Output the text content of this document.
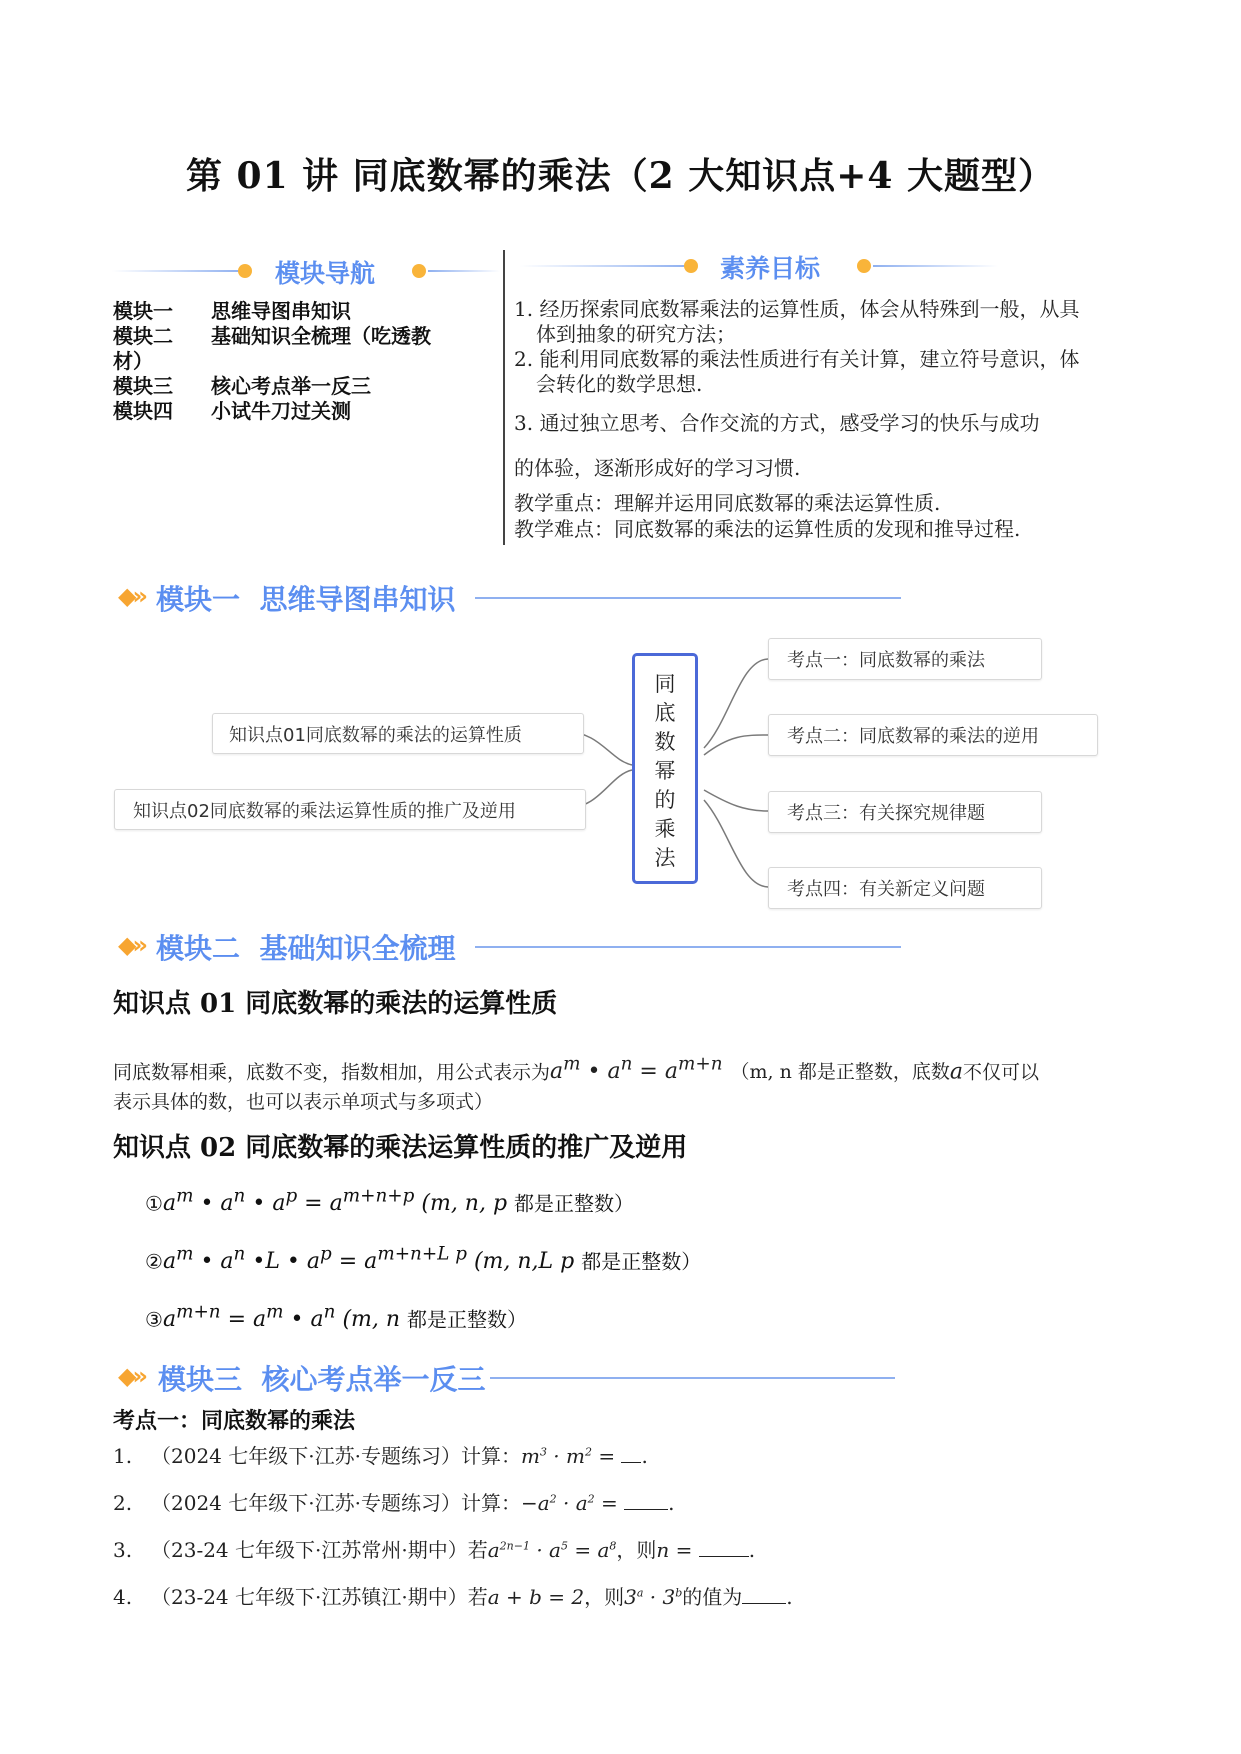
第 01 讲 同底数幂的乘法（2 大知识点+4 大题型）
模块导航
模块一 思维导图串知识
模块二 基础知识全梳理（吃透教
材）
模块三 核心考点举一反三
模块四 小试牛刀过关测
素养目标
1. 经历探索同底数幂乘法的运算性质，体会从特殊到一般，从具
体到抽象的研究方法；
2. 能利用同底数幂的乘法性质进行有关计算，建立符号意识，体
会转化的数学思想.
3. 通过独立思考、合作交流的方式，感受学习的快乐与成功
的体验，逐渐形成好的学习习惯.
教学重点：理解并运用同底数幂的乘法运算性质.
教学难点：同底数幂的乘法的运算性质的发现和推导过程.
◆» 模块一  思维导图串知识
知识点01同底数幂的乘法的运算性质
知识点02同底数幂的乘法运算性质的推广及逆用
同
底
数
幂
的
乘
法
考点一：同底数幂的乘法
考点二：同底数幂的乘法的逆用
考点三：有关探究规律题
考点四：有关新定义问题
◆» 模块二  基础知识全梳理
知识点 01 同底数幂的乘法的运算性质
同底数幂相乘，底数不变，指数相加，用公式表示为$a^m$ • $a^n = a^{m+n}$ （m, n 都是正整数，底数a不仅可以
表示具体的数，也可以表示单项式与多项式）
知识点 02 同底数幂的乘法运算性质的推广及逆用
$①a^m$ • $a^n$ • $a^p = a^{m+n+p}$ (m, n, p 都是正整数）
$②a^m$ • $a^n$ •L • $a^p = a^{m+n+L p}$ (m, n,L p 都是正整数）
$③a^{m+n} = a^m$ • $a^n$ (m, n 都是正整数）
◆» 模块三  核心考点举一反三
考点一：同底数幂的乘法
1. （2024 七年级下·江苏·专题练习）计算：$m^3 \cdot m^2$ = .
2. （2024 七年级下·江苏·专题练习）计算：$-a^2 \cdot a^2$ = .
3. （23-24 七年级下·江苏常州·期中）若$a^{2n-1} \cdot a^5 = a^8$，则n =	.
4. （23-24 七年级下·江苏镇江·期中）若a + b = 2，则$3^a \cdot 3^b$的值为 .
